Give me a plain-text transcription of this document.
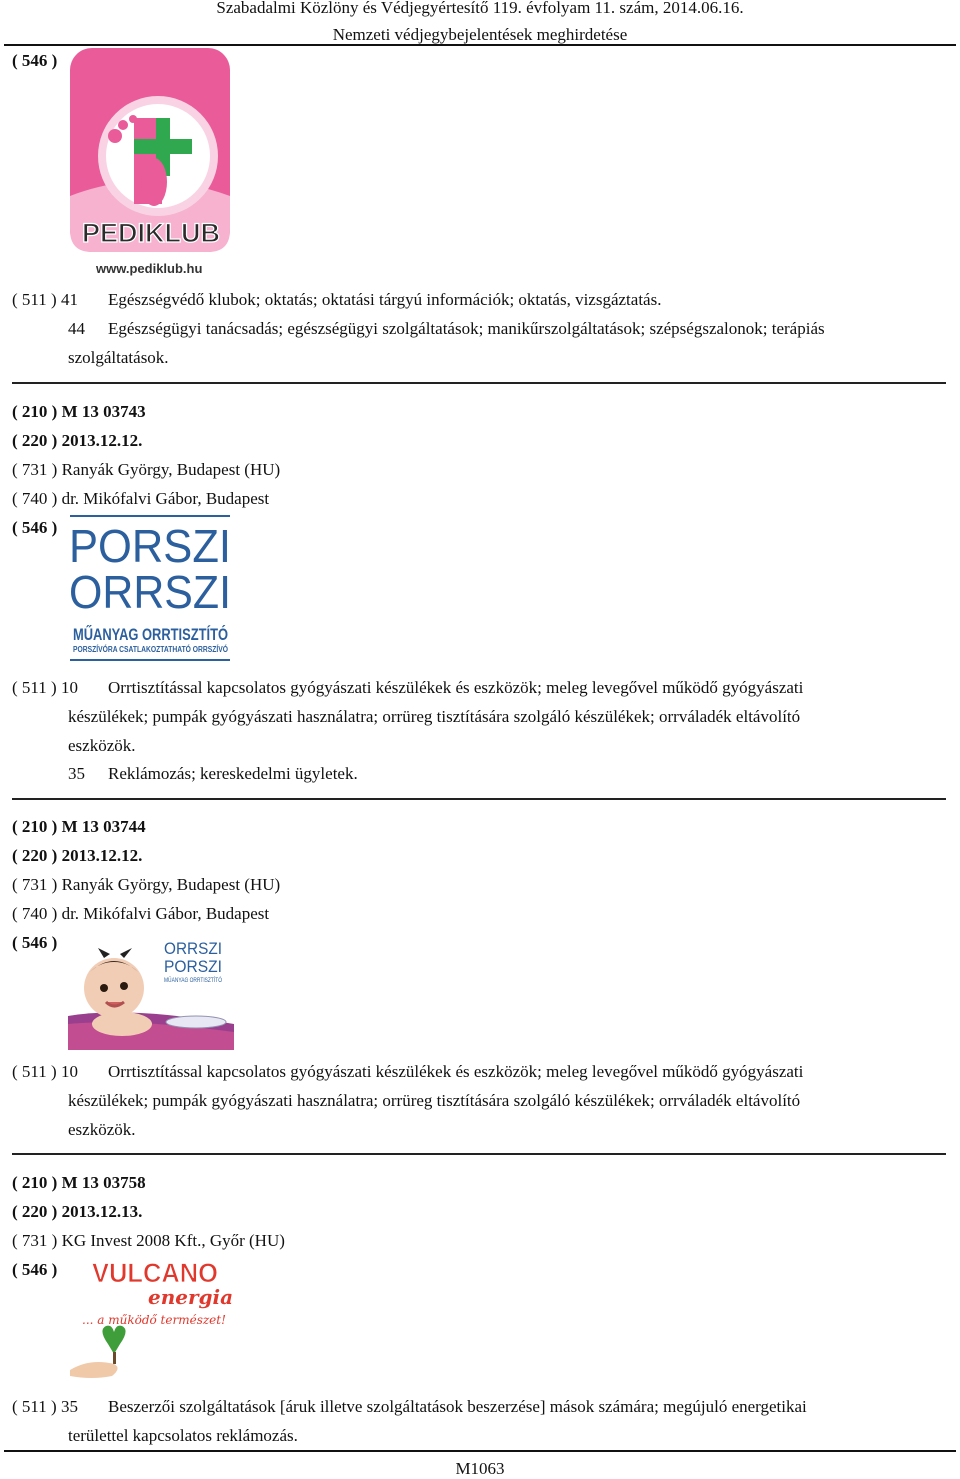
Szabadalmi Közlöny és Védjegyértesítő 119. évfolyam 11. szám, 2014.06.16.
Nemzeti védjegybejelentések meghirdetése
( 546 )
PEDIKLUB
www.pediklub.hu
( 511 ) 41 Egészségvédő klubok; oktatás; oktatási tárgyú információk; oktatás, vizsgáztatás.
44 Egészségügyi tanácsadás; egészségügyi szolgáltatások; manikűrszolgáltatások; szépségszalonok; terápiás
szolgáltatások.
( 210 ) M 13 03743
( 220 ) 2013.12.12.
( 731 ) Ranyák György, Budapest (HU)
( 740 ) dr. Mikófalvi Gábor, Budapest
( 546 ) PORSZI
ORRSZI
MŰANYAG ORRTISZTÍTÓ
PORSZÍVÓRA CSATLAKOZTATHATÓ ORRSZÍVÓ
( 511 ) 10 Orrtisztítással kapcsolatos gyógyászati készülékek és eszközök; meleg levegővel működő gyógyászati
készülékek; pumpák gyógyászati használatra; orrüreg tisztítására szolgáló készülékek; orrváladék eltávolító
eszközök.
35 Reklámozás; kereskedelmi ügyletek.
( 210 ) M 13 03744
( 220 ) 2013.12.12.
( 731 ) Ranyák György, Budapest (HU)
( 740 ) dr. Mikófalvi Gábor, Budapest
( 546 )	ORRSZI
PORSZI
MŰANYAG ORRTISZTÍTÓ
( 511 ) 10 Orrtisztítással kapcsolatos gyógyászati készülékek és eszközök; meleg levegővel működő gyógyászati
készülékek; pumpák gyógyászati használatra; orrüreg tisztítására szolgáló készülékek; orrváladék eltávolító
eszközök.
( 210 ) M 13 03758
( 220 ) 2013.12.13.
( 731 ) KG Invest 2008 Kft., Győr (HU)
( 546 ) VULCANO
energia
... a működő természet!
( 511 ) 35 Beszerzői szolgáltatások [áruk illetve szolgáltatások beszerzése] mások számára; megújuló energetikai
területtel kapcsolatos reklámozás.
M1063
